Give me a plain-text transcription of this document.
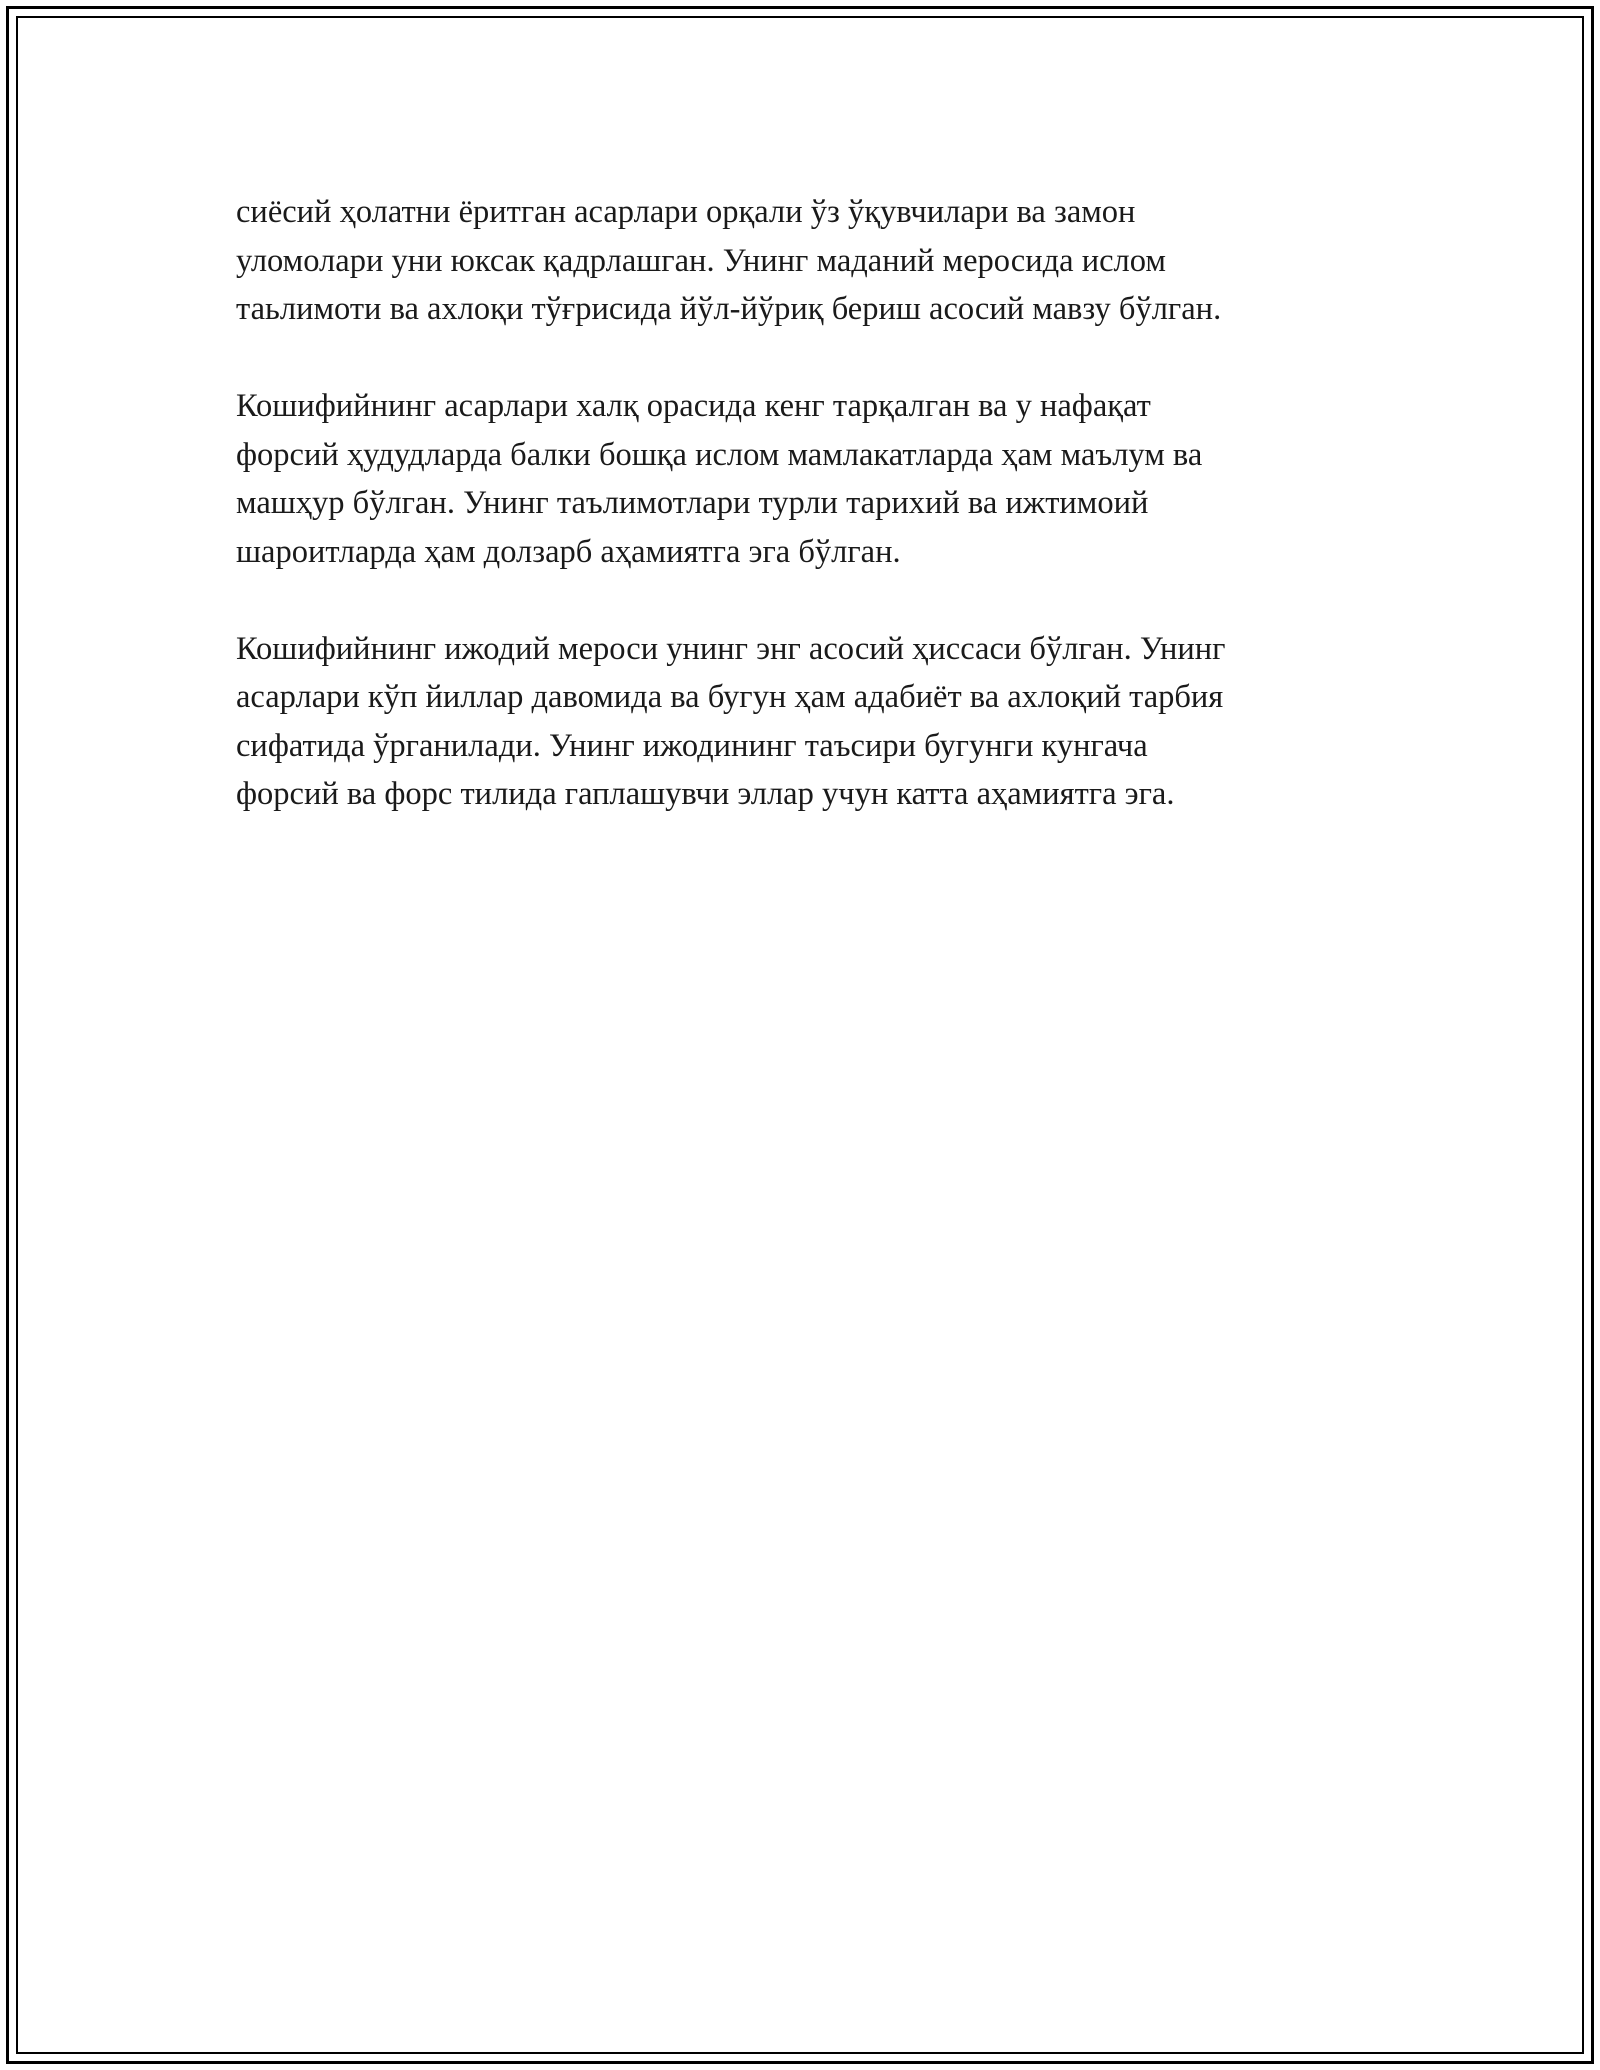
сиёсий ҳолатни ёритган асарлари орқали ўз ўқувчилари ва замон
уломолари уни юксак қадрлашган. Унинг маданий меросида ислом
таьлимоти ва ахлоқи тўғрисида йўл-йўриқ бериш асосий мавзу бўлган.

Кошифийнинг асарлари халқ орасида кенг тарқалган ва у нафақат
форсий ҳудудларда балки бошқа ислом мамлакатларда ҳам маълум ва
машҳур бўлган. Унинг таълимотлари турли тарихий ва ижтимоий
шароитларда ҳам долзарб аҳамиятга эга бўлган.

Кошифийнинг ижодий мероси унинг энг асосий ҳиссаси бўлган. Унинг
асарлари кўп йиллар давомида ва бугун ҳам адабиёт ва ахлоқий тарбия
сифатида ўрганилади. Унинг ижодининг таъсири бугунги кунгача
форсий ва форс тилида гаплашувчи эллар учун катта аҳамиятга эга.
